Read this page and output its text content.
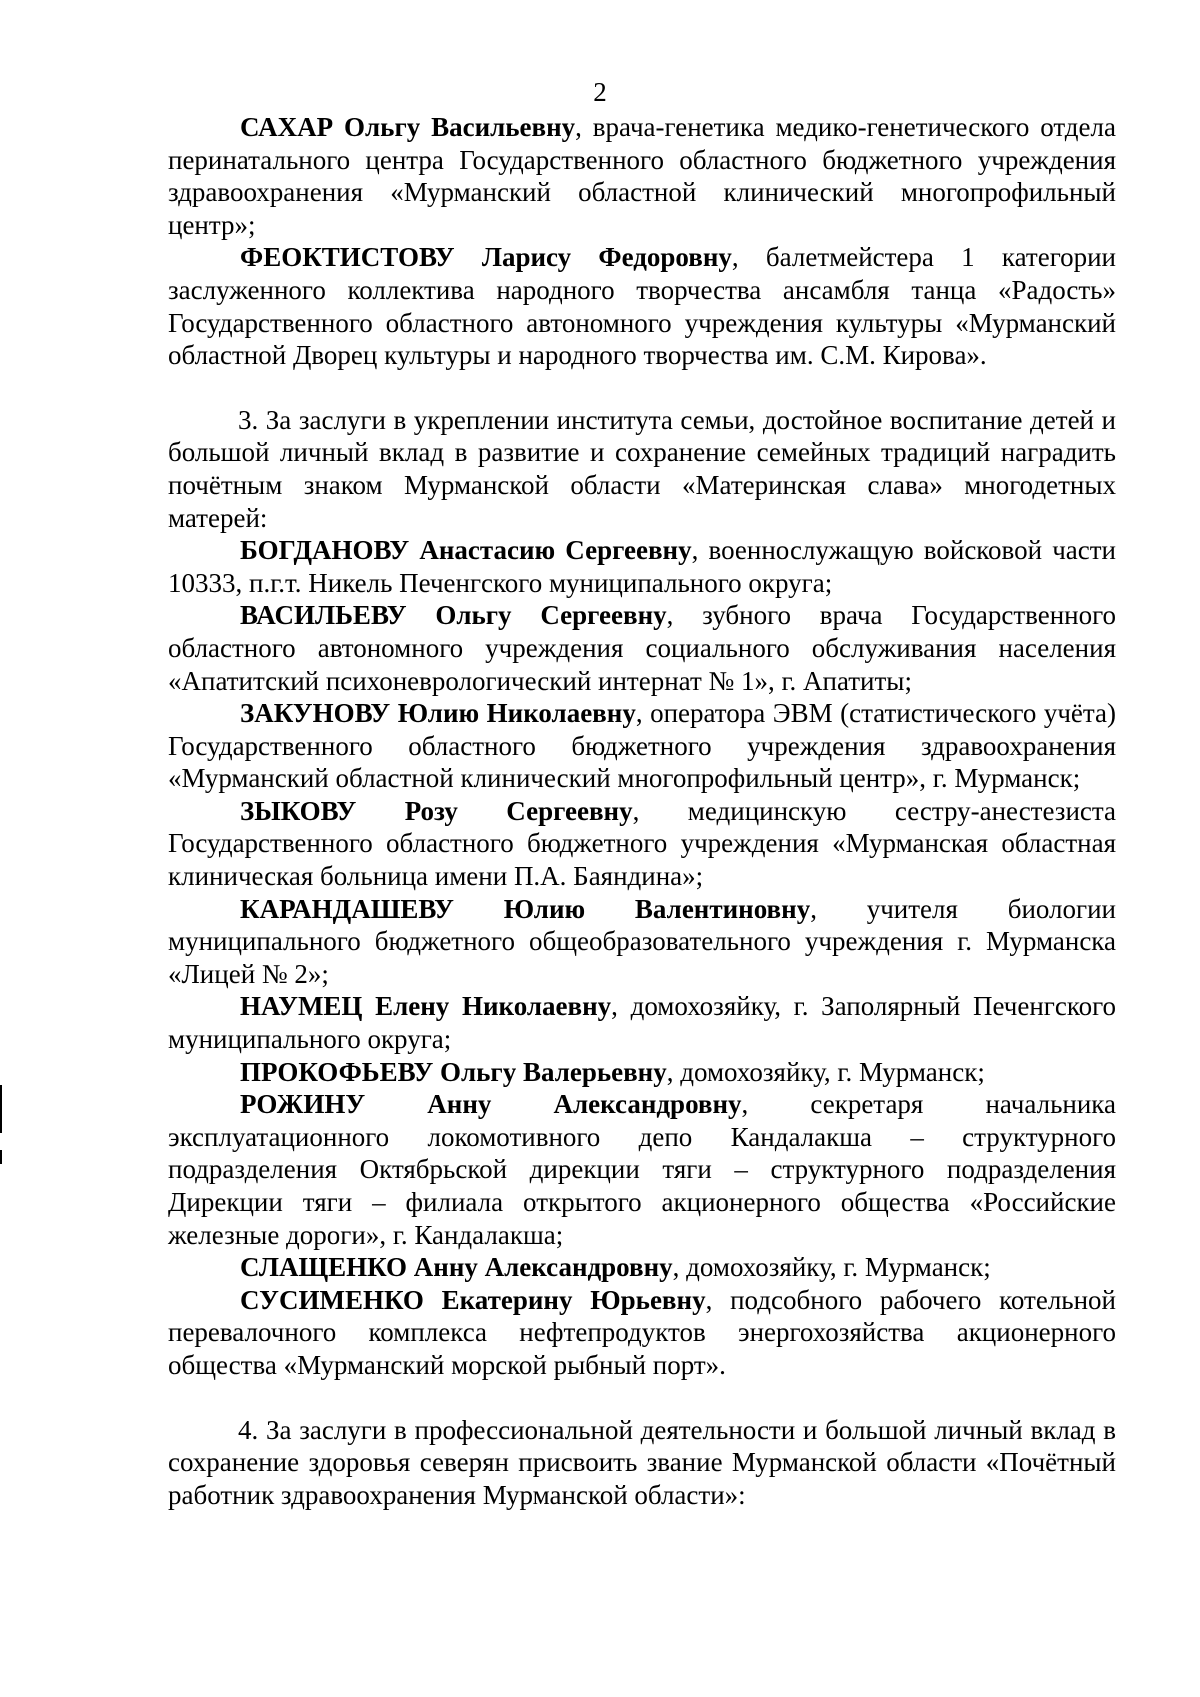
2

САХАР Ольгу Васильевну, врача-генетика медико-генетического отдела перинатального центра Государственного областного бюджетного учреждения здравоохранения «Мурманский областной клинический многопрофильный центр»;

ФЕОКТИСТОВУ Ларису Федоровну, балетмейстера 1 категории заслуженного коллектива народного творчества ансамбля танца «Радость» Государственного областного автономного учреждения культуры «Мурманский областной Дворец культуры и народного творчества им. С.М. Кирова».

3. За заслуги в укреплении института семьи, достойное воспитание детей и большой личный вклад в развитие и сохранение семейных традиций наградить почётным знаком Мурманской области «Материнская слава» многодетных матерей:

БОГДАНОВУ Анастасию Сергеевну, военнослужащую войсковой части 10333, п.г.т. Никель Печенгского муниципального округа;

ВАСИЛЬЕВУ Ольгу Сергеевну, зубного врача Государственного областного автономного учреждения социального обслуживания населения «Апатитский психоневрологический интернат № 1», г. Апатиты;

ЗАКУНОВУ Юлию Николаевну, оператора ЭВМ (статистического учёта) Государственного областного бюджетного учреждения здравоохранения «Мурманский областной клинический многопрофильный центр», г. Мурманск;

ЗЫКОВУ Розу Сергеевну, медицинскую сестру-анестезиста Государственного областного бюджетного учреждения «Мурманская областная клиническая больница имени П.А. Баяндина»;

КАРАНДАШЕВУ Юлию Валентиновну, учителя биологии муниципального бюджетного общеобразовательного учреждения г. Мурманска «Лицей № 2»;

НАУМЕЦ Елену Николаевну, домохозяйку, г. Заполярный Печенгского муниципального округа;

ПРОКОФЬЕВУ Ольгу Валерьевну, домохозяйку, г. Мурманск;

РОЖИНУ Анну Александровну, секретаря начальника эксплуатационного локомотивного депо Кандалакша – структурного подразделения Октябрьской дирекции тяги – структурного подразделения Дирекции тяги – филиала открытого акционерного общества «Российские железные дороги», г. Кандалакша;

СЛАЩЕНКО Анну Александровну, домохозяйку, г. Мурманск;

СУСИМЕНКО Екатерину Юрьевну, подсобного рабочего котельной перевалочного комплекса нефтепродуктов энергохозяйства акционерного общества «Мурманский морской рыбный порт».

4. За заслуги в профессиональной деятельности и большой личный вклад в сохранение здоровья северян присвоить звание Мурманской области «Почётный работник здравоохранения Мурманской области»:
